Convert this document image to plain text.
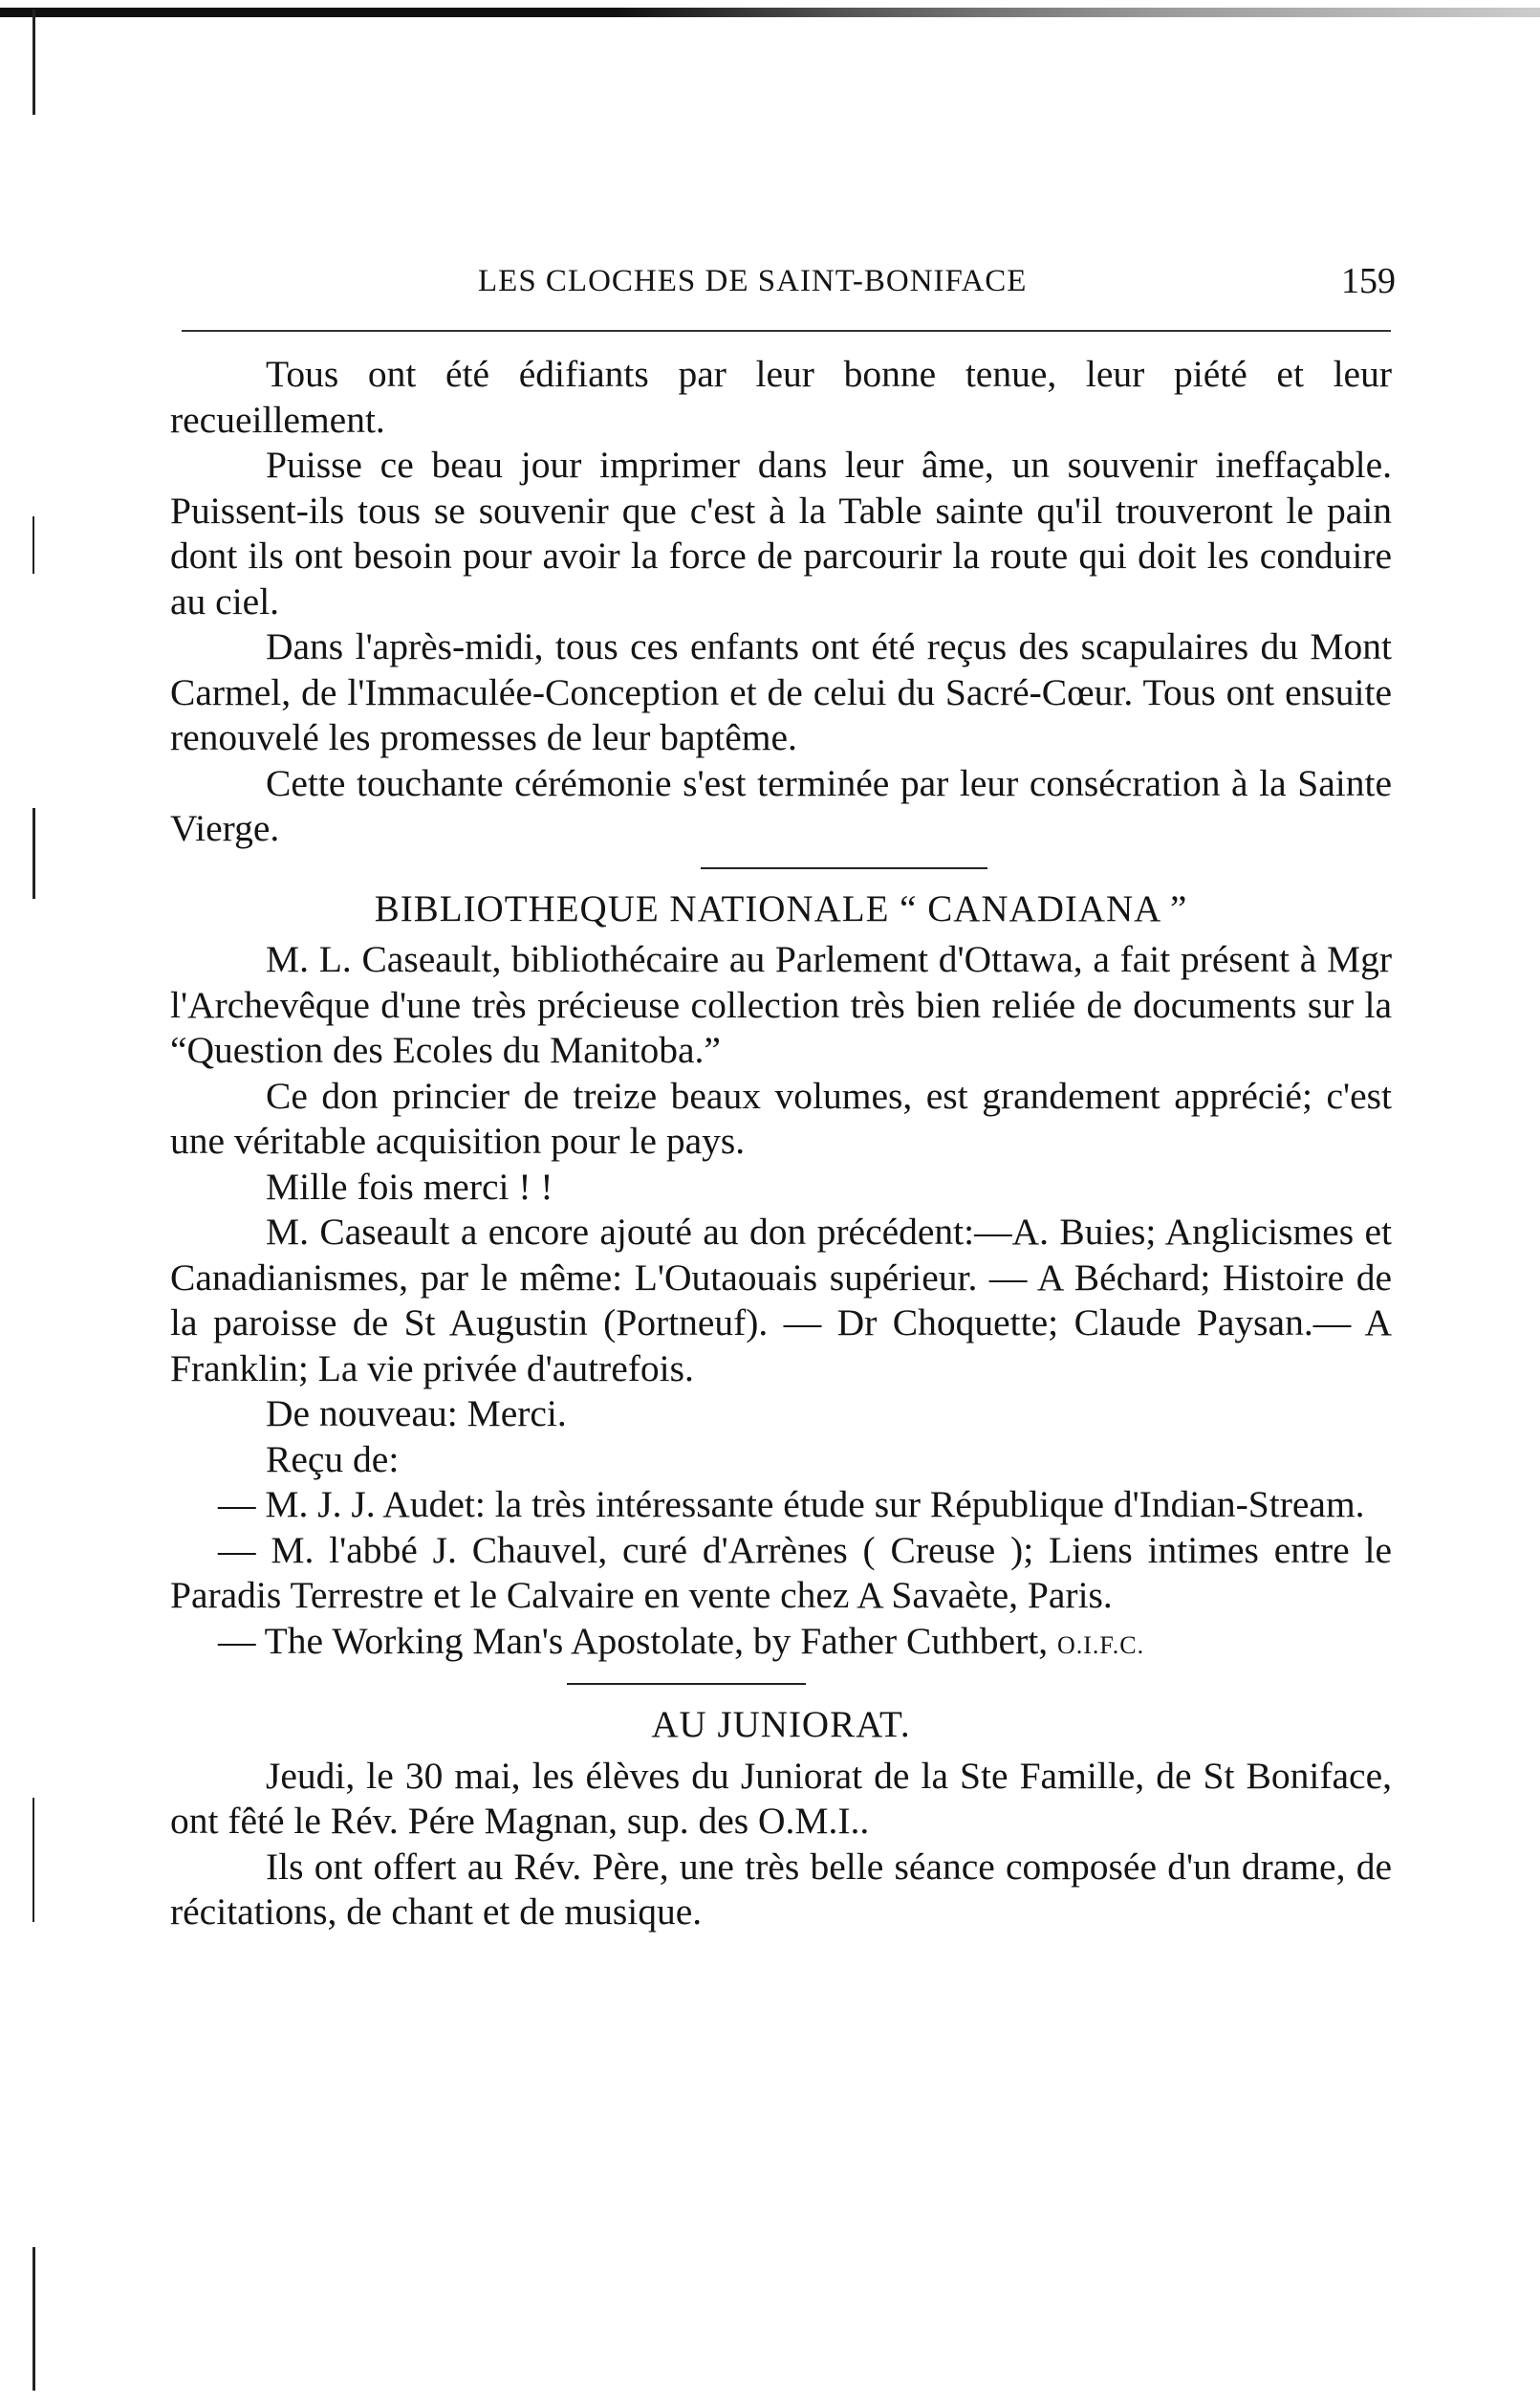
LES CLOCHES DE SAINT-BONIFACE	159

Tous ont été édifiants par leur bonne tenue, leur piété et leur recueillement.

Puisse ce beau jour imprimer dans leur âme, un souvenir ineffaçable. Puissent-ils tous se souvenir que c'est à la Table sainte qu'il trouveront le pain dont ils ont besoin pour avoir la force de parcourir la route qui doit les conduire au ciel.

Dans l'après-midi, tous ces enfants ont été reçus des scapulaires du Mont Carmel, de l'Immaculée-Conception et de celui du Sacré-Cœur. Tous ont ensuite renouvelé les promesses de leur baptême.

Cette touchante cérémonie s'est terminée par leur consécration à la Sainte Vierge.

BIBLIOTHEQUE NATIONALE “ CANADIANA ”

M. L. Caseault, bibliothécaire au Parlement d'Ottawa, a fait présent à Mgr l'Archevêque d'une très précieuse collection très bien reliée de documents sur la “Question des Ecoles du Manitoba.”

Ce don princier de treize beaux volumes, est grandement apprécié; c'est une véritable acquisition pour le pays.

Mille fois merci ! !

M. Caseault a encore ajouté au don précédent:—A. Buies; Anglicismes et Canadianismes, par le même: L'Outaouais supérieur. — A Béchard; Histoire de la paroisse de St Augustin (Portneuf). — Dr Choquette; Claude Paysan.— A Franklin; La vie privée d'autrefois.

De nouveau: Merci.

Reçu de:

— M. J. J. Audet: la très intéressante étude sur République d'Indian-Stream.

— M. l'abbé J. Chauvel, curé d'Arrènes ( Creuse ); Liens intimes entre le Paradis Terrestre et le Calvaire en vente chez A Savaète, Paris.

— The Working Man's Apostolate, by Father Cuthbert, O.I.F.C.

AU JUNIORAT.

Jeudi, le 30 mai, les élèves du Juniorat de la Ste Famille, de St Boniface, ont fêté le Rév. Pére Magnan, sup. des O.M.I..

Ils ont offert au Rév. Père, une très belle séance composée d'un drame, de récitations, de chant et de musique.
